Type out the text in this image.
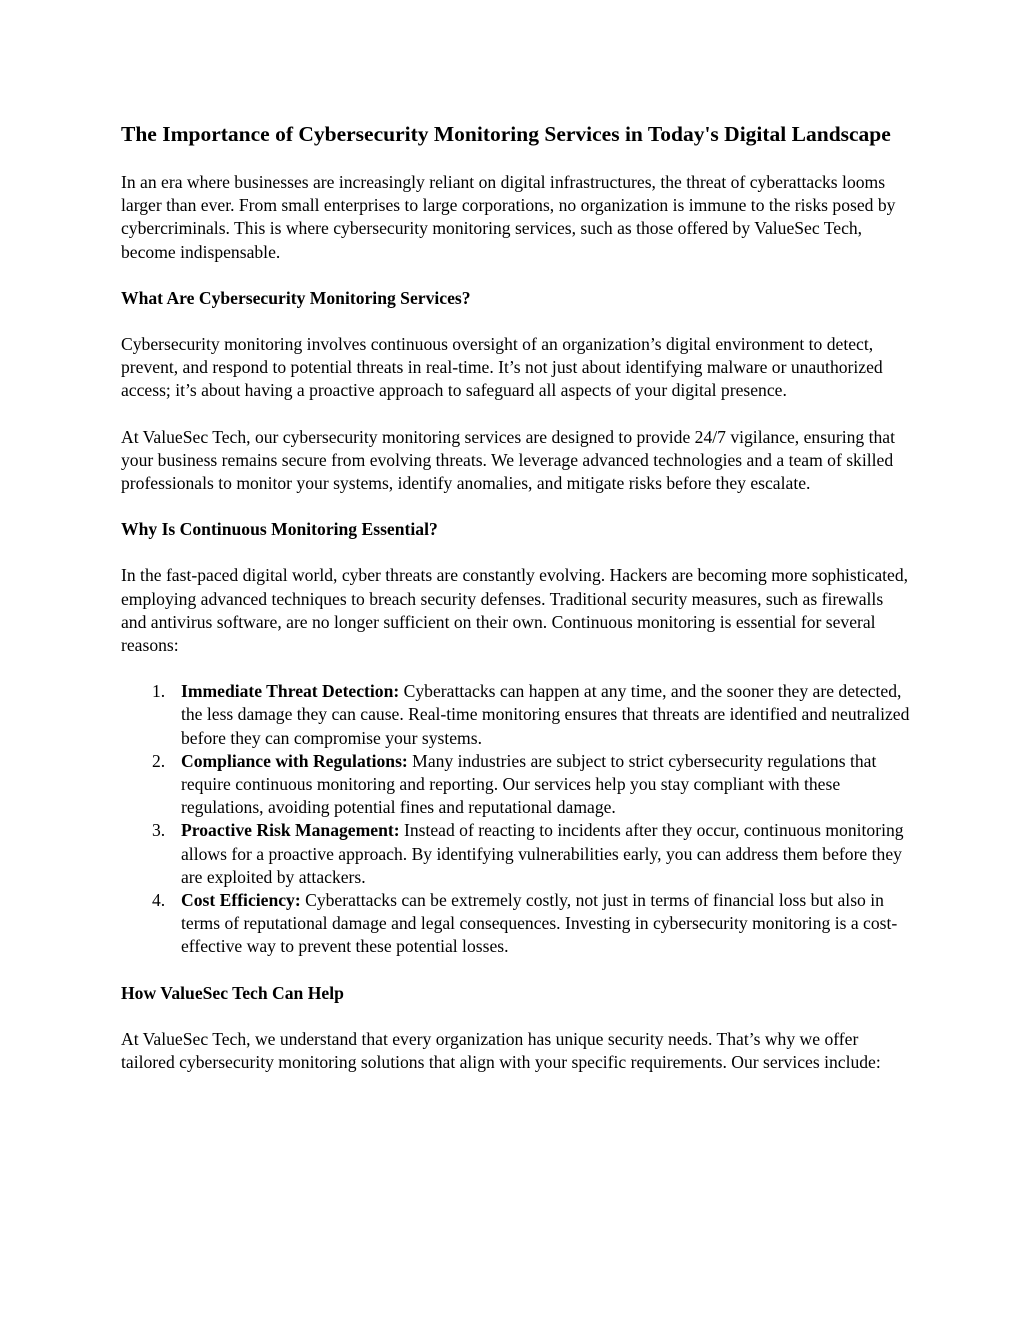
The Importance of Cybersecurity Monitoring Services in Today's Digital Landscape

In an era where businesses are increasingly reliant on digital infrastructures, the threat of cyberattacks looms larger than ever. From small enterprises to large corporations, no organization is immune to the risks posed by cybercriminals. This is where cybersecurity monitoring services, such as those offered by ValueSec Tech, become indispensable.

What Are Cybersecurity Monitoring Services?

Cybersecurity monitoring involves continuous oversight of an organization’s digital environment to detect, prevent, and respond to potential threats in real-time. It’s not just about identifying malware or unauthorized access; it’s about having a proactive approach to safeguard all aspects of your digital presence.

At ValueSec Tech, our cybersecurity monitoring services are designed to provide 24/7 vigilance, ensuring that your business remains secure from evolving threats. We leverage advanced technologies and a team of skilled professionals to monitor your systems, identify anomalies, and mitigate risks before they escalate.

Why Is Continuous Monitoring Essential?

In the fast-paced digital world, cyber threats are constantly evolving. Hackers are becoming more sophisticated, employing advanced techniques to breach security defenses. Traditional security measures, such as firewalls and antivirus software, are no longer sufficient on their own. Continuous monitoring is essential for several reasons:

1. Immediate Threat Detection: Cyberattacks can happen at any time, and the sooner they are detected, the less damage they can cause. Real-time monitoring ensures that threats are identified and neutralized before they can compromise your systems.
2. Compliance with Regulations: Many industries are subject to strict cybersecurity regulations that require continuous monitoring and reporting. Our services help you stay compliant with these regulations, avoiding potential fines and reputational damage.
3. Proactive Risk Management: Instead of reacting to incidents after they occur, continuous monitoring allows for a proactive approach. By identifying vulnerabilities early, you can address them before they are exploited by attackers.
4. Cost Efficiency: Cyberattacks can be extremely costly, not just in terms of financial loss but also in terms of reputational damage and legal consequences. Investing in cybersecurity monitoring is a cost-effective way to prevent these potential losses.
How ValueSec Tech Can Help

At ValueSec Tech, we understand that every organization has unique security needs. That’s why we offer tailored cybersecurity monitoring solutions that align with your specific requirements. Our services include:
